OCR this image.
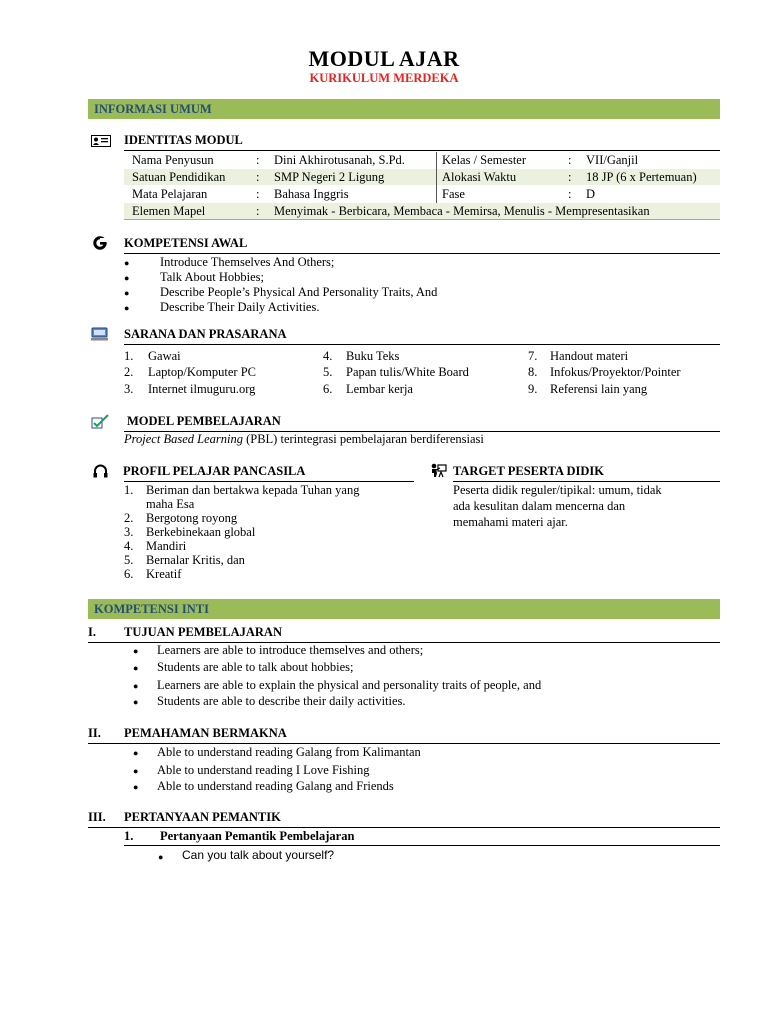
MODUL AJAR
KURIKULUM MERDEKA
INFORMASI UMUM
IDENTITAS MODUL
Nama Penyusun	: Dini Akhirotusanah, S.Pd.	Kelas / Semester	: VII/Ganjil
Satuan Pendidikan : SMP Negeri 2 Ligung	Alokasi Waktu	: 18 JP (6 x Pertemuan)
Mata Pelajaran	: Bahasa Inggris	Fase	: D
Elemen Mapel	: Menyimak - Berbicara, Membaca - Memirsa, Menulis - Mempresentasikan
KOMPETENSI AWAL
● Introduce Themselves And Others;
● Talk About Hobbies;
● Describe People’s Physical And Personality Traits, And
● Describe Their Daily Activities.
SARANA DAN PRASARANA
1. Gawai
2. Laptop/Komputer PC
3. Internet ilmuguru.org
4. Buku Teks
5. Papan tulis/White Board
6. Lembar kerja
7. Handout materi
8. Infokus/Proyektor/Pointer
9. Referensi lain yang
MODEL PEMBELAJARAN
Project Based Learning (PBL) terintegrasi pembelajaran berdiferensiasi
PROFIL PELAJAR PANCASILA
1. Beriman dan bertakwa kepada Tuhan yang
maha Esa
2. Bergotong royong
3. Berkebinekaan global
4. Mandiri
5. Bernalar Kritis, dan
6. Kreatif
TARGET PESERTA DIDIK
Peserta didik reguler/tipikal: umum, tidak
ada kesulitan dalam mencerna dan
memahami materi ajar.
KOMPETENSI INTI
I. TUJUAN PEMBELAJARAN
● Learners are able to introduce themselves and others;
● Students are able to talk about hobbies;
● Learners are able to explain the physical and personality traits of people, and
● Students are able to describe their daily activities.
II. PEMAHAMAN BERMAKNA
● Able to understand reading Galang from Kalimantan
● Able to understand reading I Love Fishing
● Able to understand reading Galang and Friends
III. PERTANYAAN PEMANTIK
1. Pertanyaan Pemantik Pembelajaran
● Can you talk about yourself?
